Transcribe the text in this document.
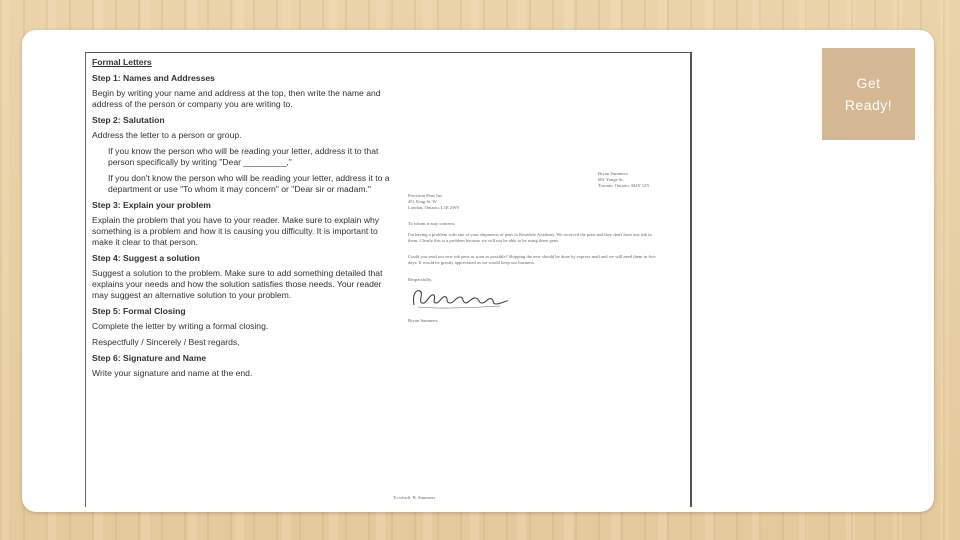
Formal Letters
Step 1: Names and Addresses

Begin by writing your name and address at the top, then write the name and address of the person or company you are writing to.

Step 2: Salutation

Address the letter to a person or group.

If you know the person who will be reading your letter, address it to that person specifically by writing "Dear _________,"

If you don't know the person who will be reading your letter, address it to a department or use "To whom it may concern" or "Dear sir or madam."

Step 3: Explain your problem

Explain the problem that you have to your reader. Make sure to explain why something is a problem and how it is causing you difficulty. It is important to make it clear to that person.

Step 4: Suggest a solution

Suggest a solution to the problem. Make sure to add something detailed that explains your needs and how the solution satisfies those needs. Your reader may suggest an alternative solution to your problem.

Step 5: Formal Closing

Complete the letter by writing a formal closing.

Respectfully / Sincerely / Best regards,

Step 6: Signature and Name

Write your signature and name at the end.

Bryan Summers
681 Yonge St.
Toronto, Ontario, M4Y 1Z5
Precision Pens Inc.
451 King St. W
London, Ontario, L1E 2W9
To whom it may concern,
I'm having a problem with one of your shipments of pens to Rosedale Academy. We received the pens and they don't have any ink in them. Clearly this is a problem because we will not be able to be using these pens.
Could you send our new ink pens as soon as possible? Shipping the new should be done by express mail and we will need them in five days. It would be greatly appreciated as we would keep our business.
Respectfully,
Bryan Summers
To which: B. Summers
Get
Ready!
